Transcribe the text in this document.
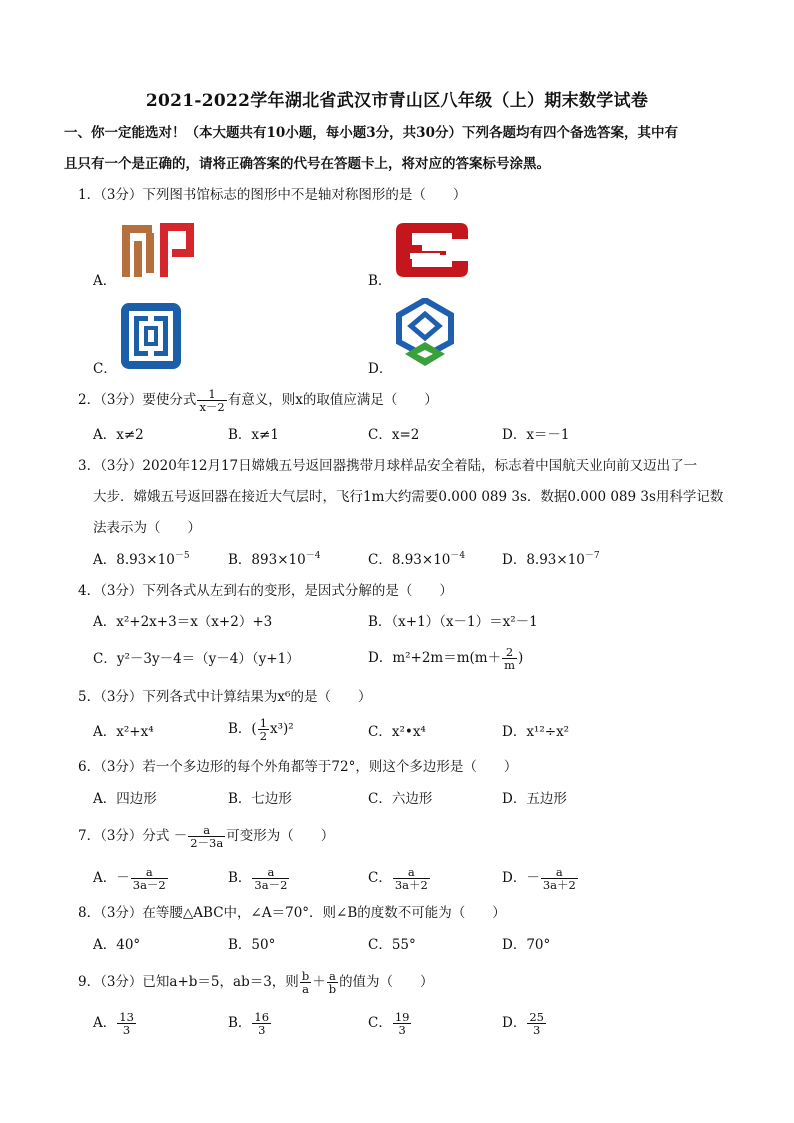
2021-2022学年湖北省武汉市青山区八年级（上）期末数学试卷
一、你一定能选对！（本大题共有10小题，每小题3分，共30分）下列各题均有四个备选答案，其中有
且只有一个是正确的，请将正确答案的代号在答题卡上，将对应的答案标号涂黑。
1．（3分）下列图书馆标志的图形中不是轴对称图形的是（　　）
A．	B．
C．	D．
2．（3分）要使分式 $\frac{1}{x-2}$ 有意义，则x的取值应满足（　　）
A．x≠2	B．x≠1	C．x=2	D．x＝－1
3．（3分）2020年12月17日嫦娥五号返回器携带月球样品安全着陆，标志着中国航天业向前又迈出了一
大步．嫦娥五号返回器在接近大气层时，飞行1m大约需要0.000 089 3s．数据0.000 089 3s用科学记数
法表示为（　　）
A．$8.93\times 10^{-5}$	B．$893\times 10^{-4}$	C．$8.93\times 10^{-4}$	D．$8.93\times 10^{-7}$
4．（3分）下列各式从左到右的变形，是因式分解的是（　　）
A．x²+2x+3＝x（x+2）+3	B．（x+1）（x－1）＝x²－1
C．y²－3y－4＝（y－4）（y+1）	D．$m^2+2m=m(m+ \frac{2}{m}$ )
5．（3分）下列各式中计算结果为x⁶的是（　　）
A．x²+x⁴	B．( $\frac{1}{2} x^3)^2$	C．x²•x⁴	D．x¹²÷x²
6．（3分）若一个多边形的每个外角都等于72°，则这个多边形是（　　）
A．四边形	B．七边形	C．六边形	D．五边形
7．（3分）分式 － $\frac{a}{2-3a}$ 可变形为（　　）
A．－ $\frac{a}{3a-2}$	B． $\frac{a}{3a-2}$	C． $\frac{a}{3a+2}$	D．－ $\frac{a}{3a+2}$
8．（3分）在等腰△ABC中，∠A＝70°．则∠B的度数不可能为（　　）
A．40°	B．50°	C．55°	D．70°
9．（3分）已知a+b＝5，ab＝3，则 $\frac{b}{a} + \frac{a}{b}$ 的值为（　　）
A． $\frac{13}{3}$	B． $\frac{16}{3}$	C． $\frac{19}{3}$	D． $\frac{25}{3}$
